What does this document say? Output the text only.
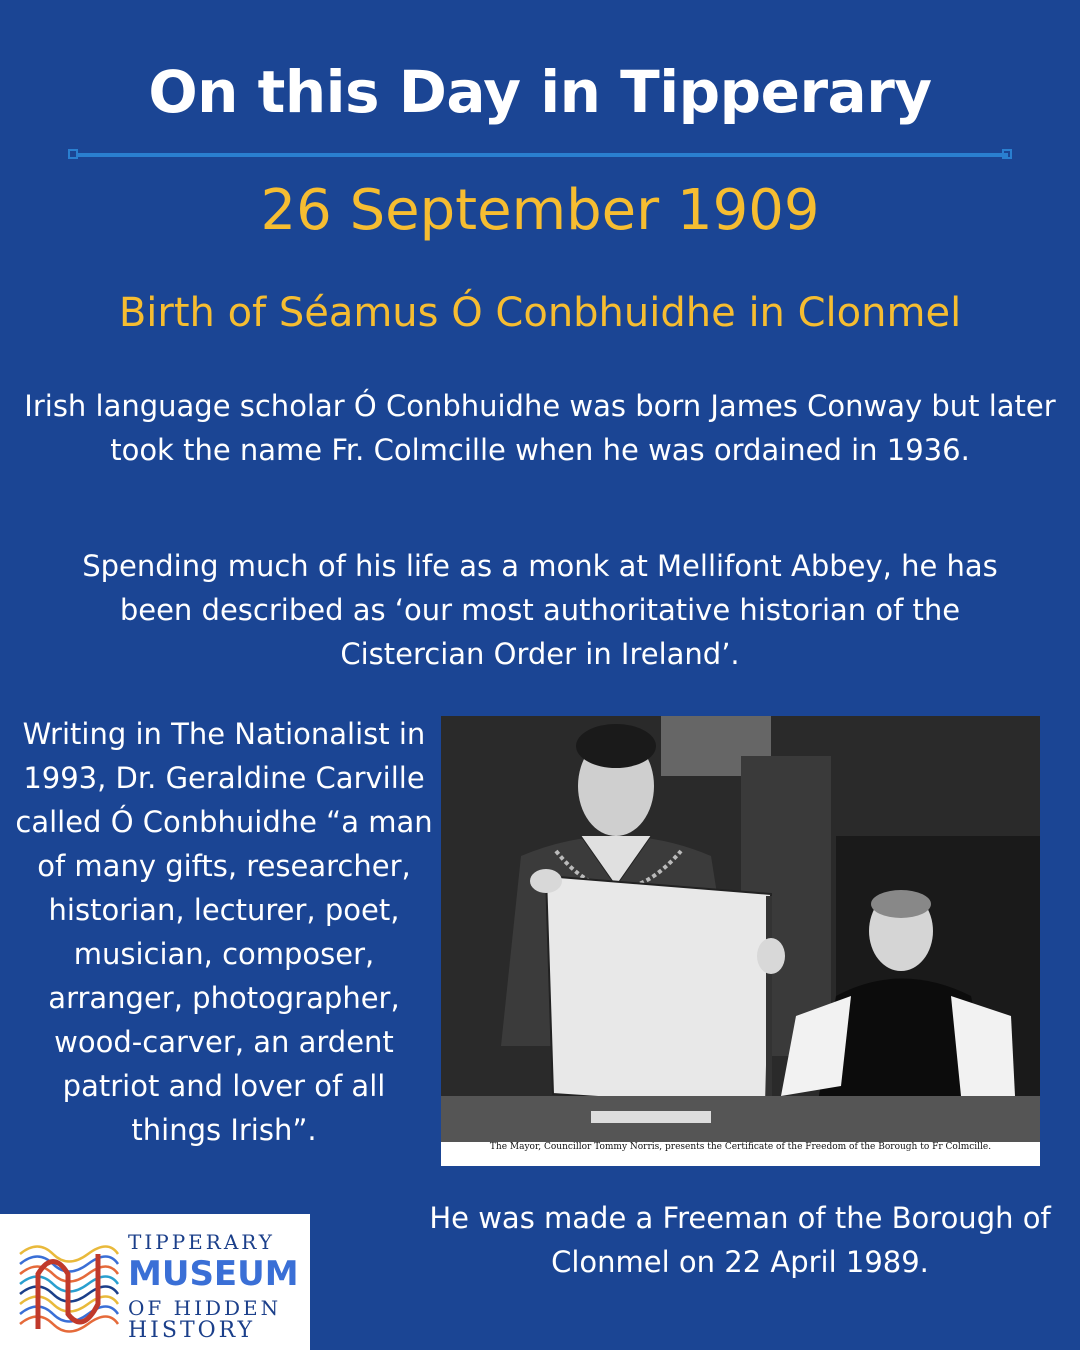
On this Day in Tipperary
26 September 1909
Birth of Séamus Ó Conbhuidhe in Clonmel
Irish language scholar Ó Conbhuidhe was born James Conway but later took the name Fr. Colmcille when he was ordained in 1936.
Spending much of his life as a monk at Mellifont Abbey, he has been described as ‘our most authoritative historian of the Cistercian Order in Ireland’.
Writing in The Nationalist in 1993, Dr. Geraldine Carville called Ó Conbhuidhe “a man of many gifts, researcher, historian, lecturer, poet, musician, composer, arranger, photographer, wood-carver, an ardent patriot and lover of all things Irish”.	The Mayor, Councillor Tommy Norris, presents the Certificate of the Freedom of the Borough to Fr Colmcille.
He was made a Freeman of the Borough of Clonmel on 22 April 1989.
TIPPERARY
MUSEUM
OF HIDDEN
HISTORY
